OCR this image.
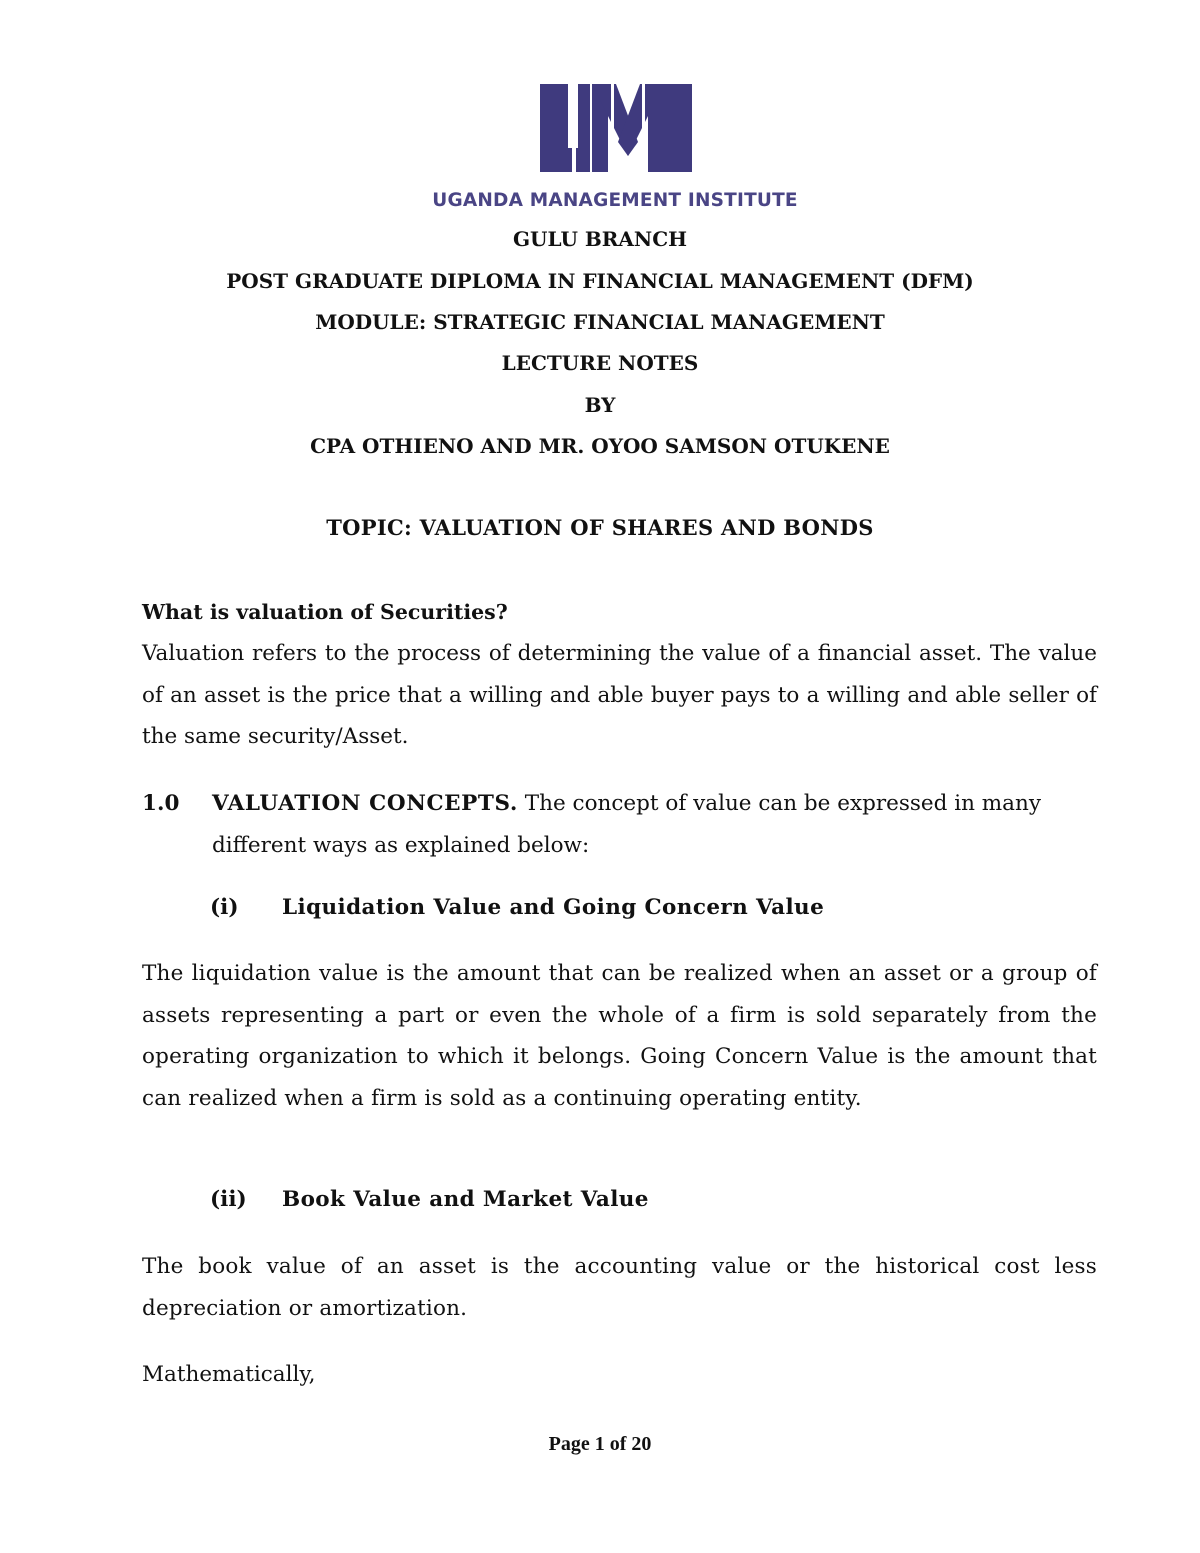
UGANDA MANAGEMENT INSTITUTE
GULU BRANCH
POST GRADUATE DIPLOMA IN FINANCIAL MANAGEMENT (DFM)
MODULE: STRATEGIC FINANCIAL MANAGEMENT
LECTURE NOTES
BY
CPA OTHIENO AND MR. OYOO SAMSON OTUKENE
TOPIC: VALUATION OF SHARES AND BONDS
What is valuation of Securities?

Valuation refers to the process of determining the value of a financial asset. The value of an asset is the price that a willing and able buyer pays to a willing and able seller of the same security/Asset.

1.0 VALUATION CONCEPTS. The concept of value can be expressed in many different ways as explained below:
(i) Liquidation Value and Going Concern Value

The liquidation value is the amount that can be realized when an asset or a group of assets representing a part or even the whole of a firm is sold separately from the operating organization to which it belongs. Going Concern Value is the amount that can realized when a firm is sold as a continuing operating entity.

(ii) Book Value and Market Value

The book value of an asset is the accounting value or the historical cost less depreciation or amortization.

Mathematically,

Page 1 of 20
